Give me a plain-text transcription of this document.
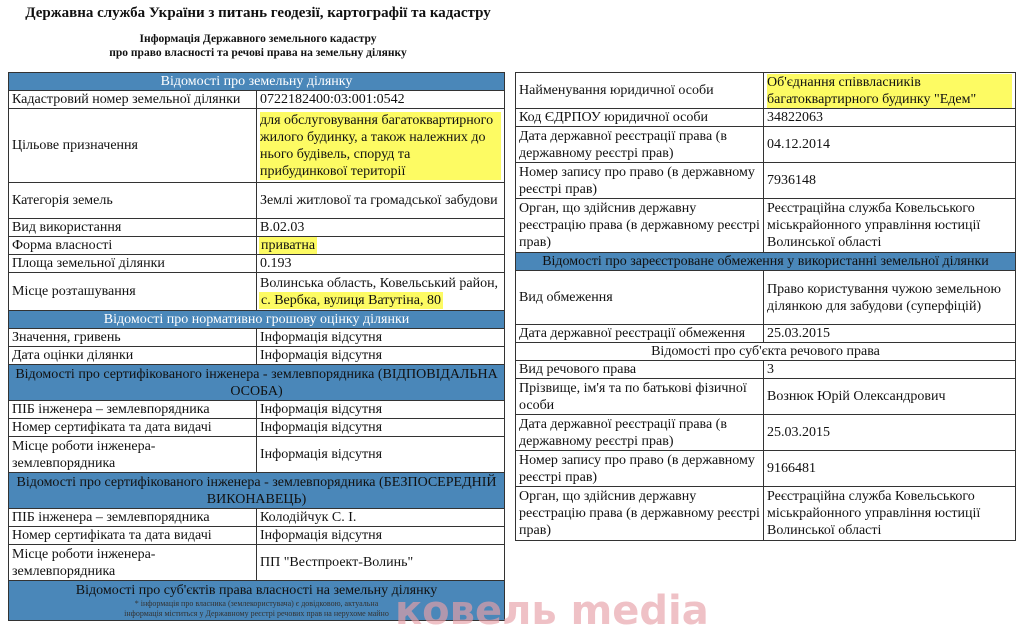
Державна служба України з питань геодезії, картографії та кадастру
Інформація Державного земельного кадастру
про право власності та речові права на земельну ділянку
Відомості про земельну ділянку	
Кадастровий номер земельної ділянки	0722182400:03:001:0542
Цільове призначення	для обслуговування багатоквартирного жилого будинку, а також належних до нього будівель, споруд та прибудинкової території
Категорія земель	Землі житлової та громадської забудови
Вид використання	В.02.03
Форма власності	приватна
Площа земельної ділянки	0.193
Місце розташування	Волинська область, Ковельський район, с. Вербка, вулиця Ватутіна, 80
Відомості про нормативно грошову оцінку ділянки	
Значення, гривень	Інформація відсутня
Дата оцінки ділянки	Інформація відсутня
Відомості про сертифікованого інженера - землевпорядника (ВІДПОВІДАЛЬНА ОСОБА)	
ПІБ інженера – землевпорядника	Інформація відсутня
Номер сертифіката та дата видачі	Інформація відсутня
Місце роботи інженера-землевпорядника	Інформація відсутня
Відомості про сертифікованого інженера - землевпорядника (БЕЗПОСЕРЕДНІЙ ВИКОНАВЕЦЬ)	
ПІБ інженера – землевпорядника	Колодійчук С. І.
Номер сертифіката та дата видачі	Інформація відсутня
Місце роботи інженера-землевпорядника	ПП "Вестпроект-Волинь"

Відомості про суб'єктів права власності на земельну ділянку
* інформація про власника (землекористувача) є довідковою, актуальна
інформація міститься у Державному реєстрі речових прав на нерухоме майно	
Найменування юридичної особи	Об'єднання співвласників багатоквартирного будинку "Едем"
Код ЄДРПОУ юридичної особи	34822063
Дата державної реєстрації права (в державному реєстрі прав)	04.12.2014
Номер запису про право (в державному реєстрі прав)	7936148
Орган, що здійснив державну реєстрацію права (в державному реєстрі прав)	Реєстраційна служба Ковельського міськрайонного управління юстиції Волинської області
Відомості про зареєстроване обмеження у використанні земельної ділянки	
Вид обмеження	Право користування чужою земельною ділянкою для забудови (суперфіцій)
Дата державної реєстрації обмеження	25.03.2015
Відомості про суб'єкта речового права	
Вид речового права	3
Прізвище, ім'я та по батькові фізичної особи	Вознюк Юрій Олександрович
Дата державної реєстрації права (в державному реєстрі прав)	25.03.2015
Номер запису про право (в державному реєстрі прав)	9166481
Орган, що здійснив державну реєстрацію права (в державному реєстрі прав)	Реєстраційна служба Ковельського міськрайонного управління юстиції Волинської області
ковель media
